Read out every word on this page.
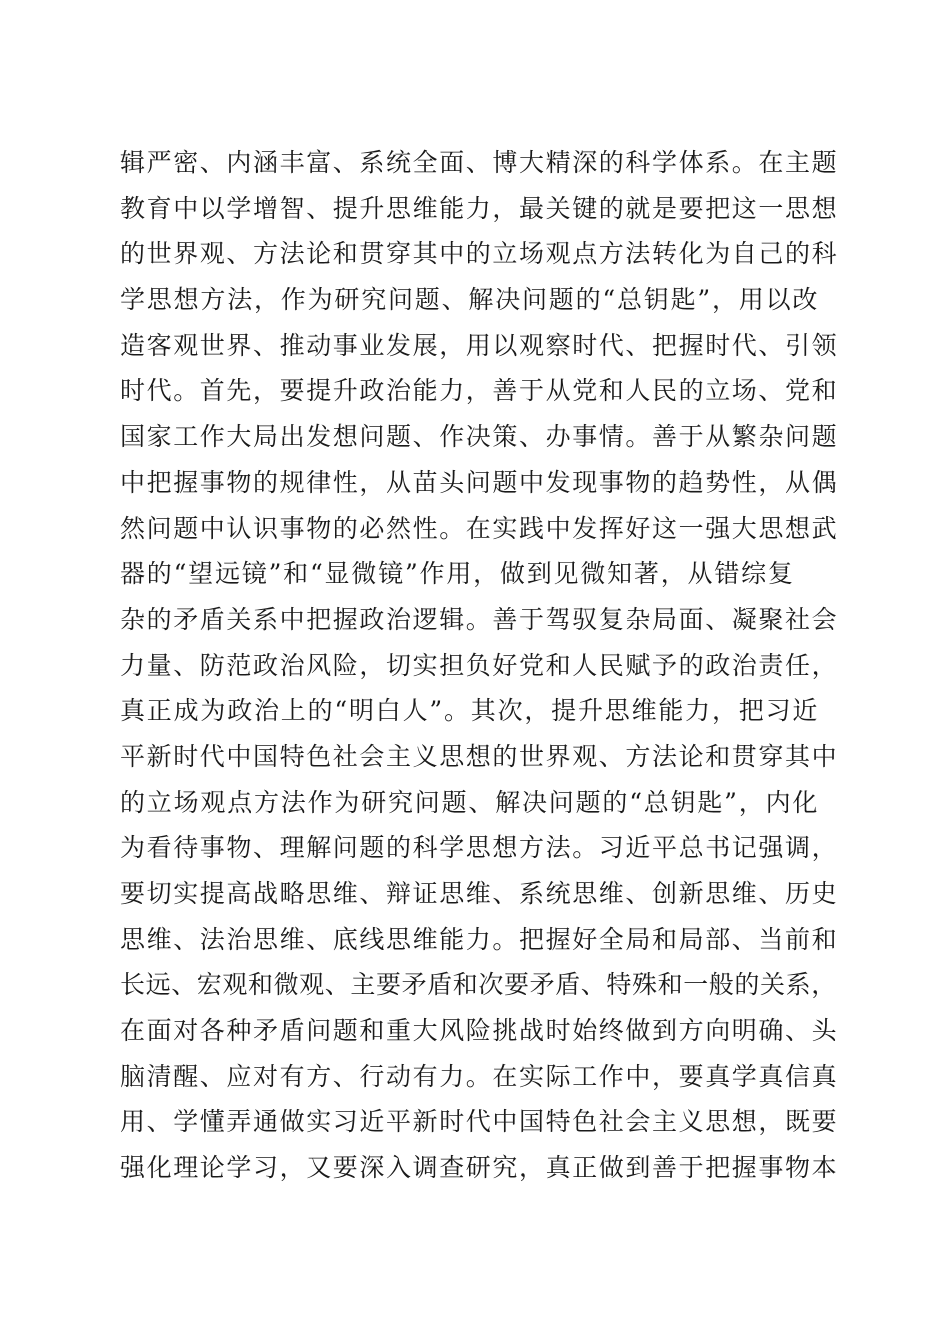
辑严密、内涵丰富、系统全面、博大精深的科学体系。在主题
教育中以学增智、提升思维能力，最关键的就是要把这一思想
的世界观、方法论和贯穿其中的立场观点方法转化为自己的科
学思想方法，作为研究问题、解决问题的“总钥匙”，用以改
造客观世界、推动事业发展，用以观察时代、把握时代、引领
时代。首先，要提升政治能力，善于从党和人民的立场、党和
国家工作大局出发想问题、作决策、办事情。善于从繁杂问题
中把握事物的规律性，从苗头问题中发现事物的趋势性，从偶
然问题中认识事物的必然性。在实践中发挥好这一强大思想武
器的“望远镜”和“显微镜”作用，做到见微知著，从错综复
杂的矛盾关系中把握政治逻辑。善于驾驭复杂局面、凝聚社会
力量、防范政治风险，切实担负好党和人民赋予的政治责任，
真正成为政治上的“明白人”。其次，提升思维能力，把习近
平新时代中国特色社会主义思想的世界观、方法论和贯穿其中
的立场观点方法作为研究问题、解决问题的“总钥匙”，内化
为看待事物、理解问题的科学思想方法。习近平总书记强调，
要切实提高战略思维、辩证思维、系统思维、创新思维、历史
思维、法治思维、底线思维能力。把握好全局和局部、当前和
长远、宏观和微观、主要矛盾和次要矛盾、特殊和一般的关系，
在面对各种矛盾问题和重大风险挑战时始终做到方向明确、头
脑清醒、应对有方、行动有力。在实际工作中，要真学真信真
用、学懂弄通做实习近平新时代中国特色社会主义思想，既要
强化理论学习，又要深入调查研究，真正做到善于把握事物本
